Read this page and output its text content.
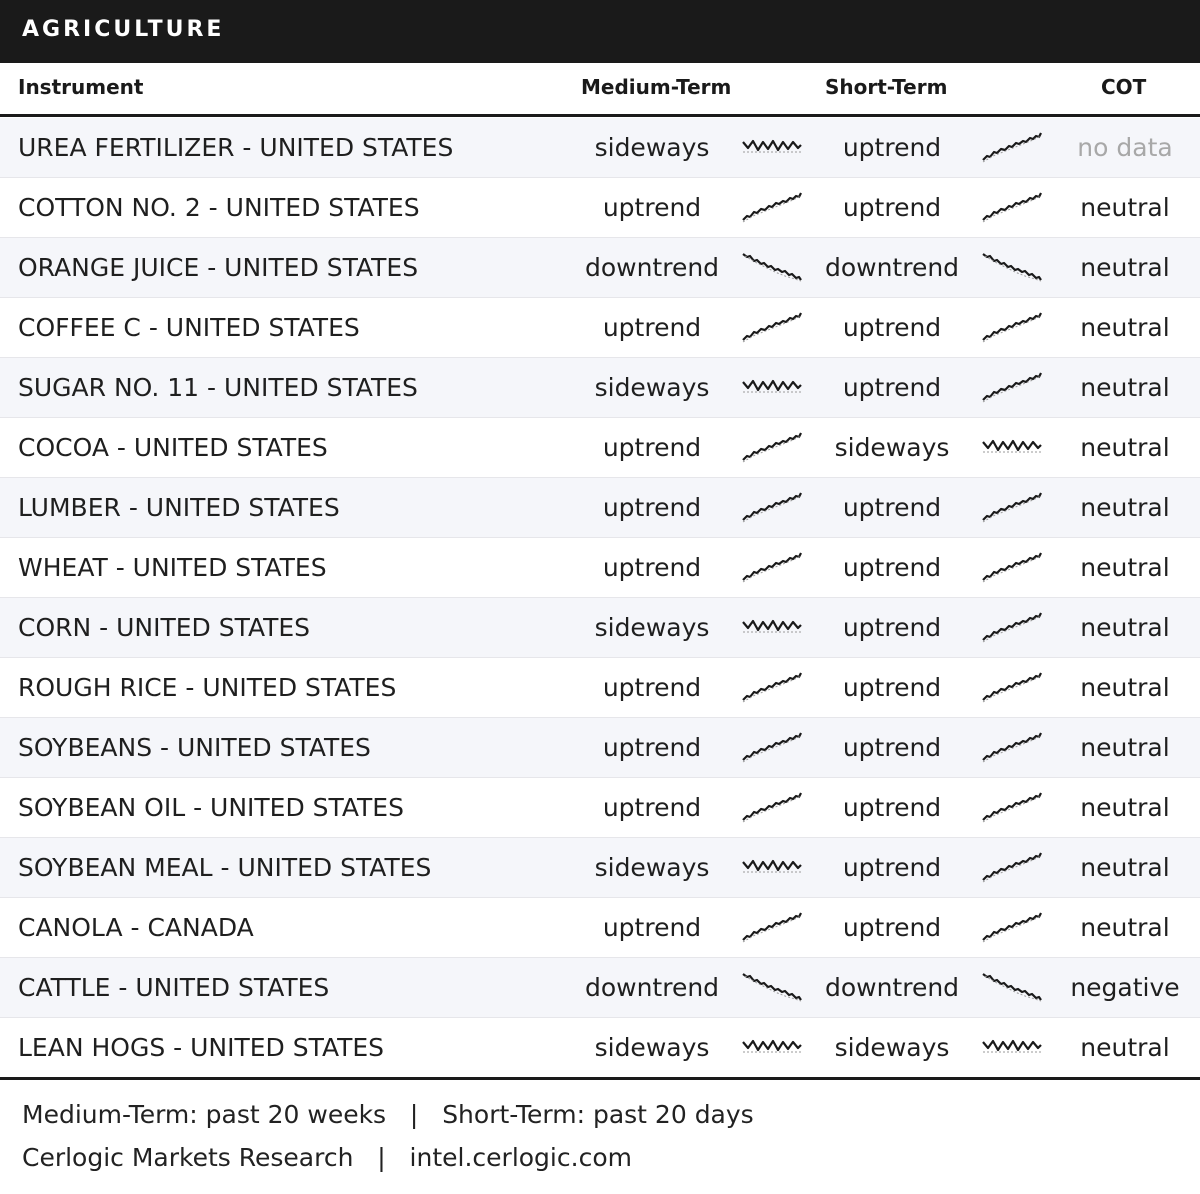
AGRICULTURE
Instrument	Medium-Term	Short-Term	COT
UREA FERTILIZER - UNITED STATES	sideways	uptrend	no data
COTTON NO. 2 - UNITED STATES	uptrend	uptrend	neutral
ORANGE JUICE - UNITED STATES	downtrend	downtrend	neutral
COFFEE C - UNITED STATES	uptrend	uptrend	neutral
SUGAR NO. 11 - UNITED STATES	sideways	uptrend	neutral
COCOA - UNITED STATES	uptrend	sideways	neutral
LUMBER - UNITED STATES	uptrend	uptrend	neutral
WHEAT - UNITED STATES	uptrend	uptrend	neutral
CORN - UNITED STATES	sideways	uptrend	neutral
ROUGH RICE - UNITED STATES	uptrend	uptrend	neutral
SOYBEANS - UNITED STATES	uptrend	uptrend	neutral
SOYBEAN OIL - UNITED STATES	uptrend	uptrend	neutral
SOYBEAN MEAL - UNITED STATES	sideways	uptrend	neutral
CANOLA - CANADA	uptrend	uptrend	neutral
CATTLE - UNITED STATES	downtrend	downtrend	negative
LEAN HOGS - UNITED STATES	sideways	sideways	neutral
Medium-Term: past 20 weeks   |   Short-Term: past 20 days
Cerlogic Markets Research   |   intel.cerlogic.com
